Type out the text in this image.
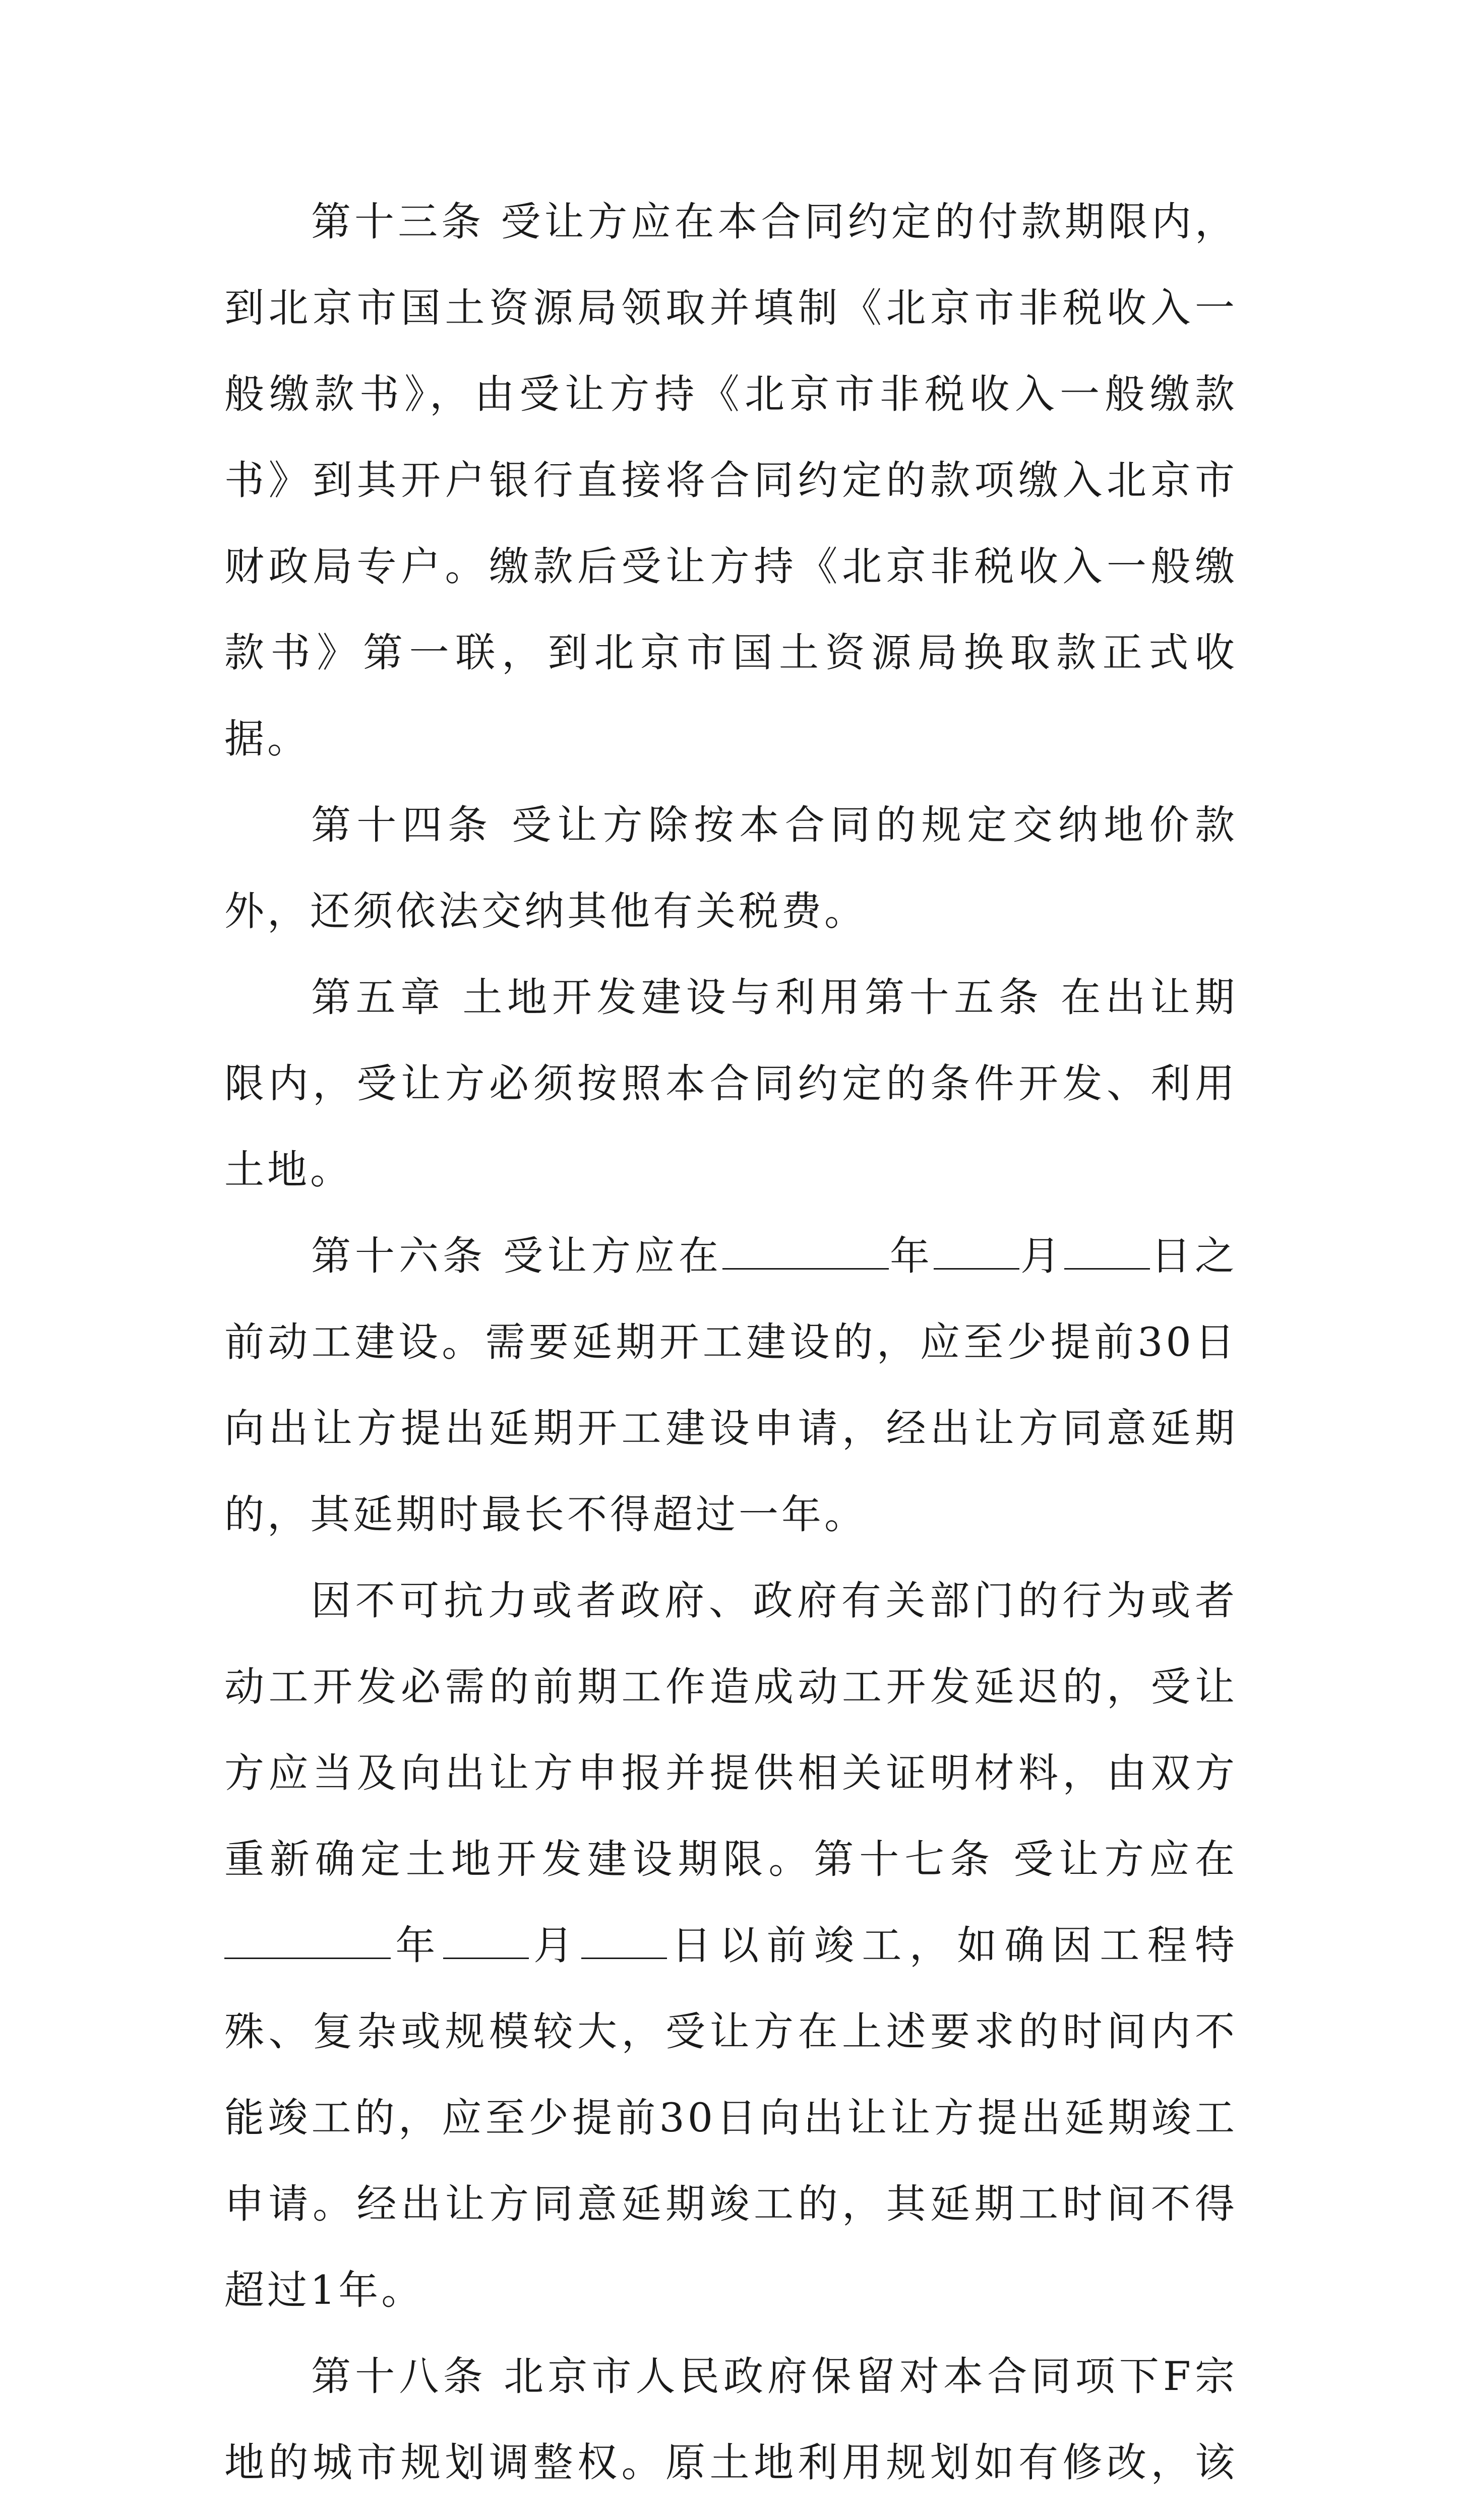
第十三条 受让方应在本合同约定的付款期限内，到北京市国土资源局领取并填制《北京市非税收入一般缴款书》，由受让方持《北京市非税收入一般缴款书》到其开户银行直接将合同约定的款项缴入北京市财政局专户。缴款后受让方持《北京非税收入一般缴款书》第一联，到北京市国土资源局换取款正式收据。

第十四条 受让方除按本合同的规定交纳地价款外，还须依法交纳其他有关税费。

第五章 土地开发建设与利用第十五条 在出让期限内，受让方必须按照本合同约定的条件开发、利用土地。

第十六条 受让方应在	年 月 日之前动工建设。需要延期开工建设的，应至少提前30日向出让方提出延期开工建设申请，经出让方同意延期的，其延期时最长不得超过一年。

因不可抗力或者政府、政府有关部门的行为或者动工开发必需的前期工作造成动工开发延迟的，受让方应当及向出让方申报并提供相关证明材料，由双方重新确定土地开发建设期限。第十七条 受让方应在年 月 日以前竣工，如确因工程特殊、复杂或规模较大，受让方在上述要求的时间内不能竣工的，应至少提前30日向出让让方提出延期竣工申请。经出让方同意延期竣工的，其延期工时间不得超过1年。

第十八条 北京市人民政府保留对本合同项下F宗地的城市规划调整权。原土地利用规划如有修改，该
